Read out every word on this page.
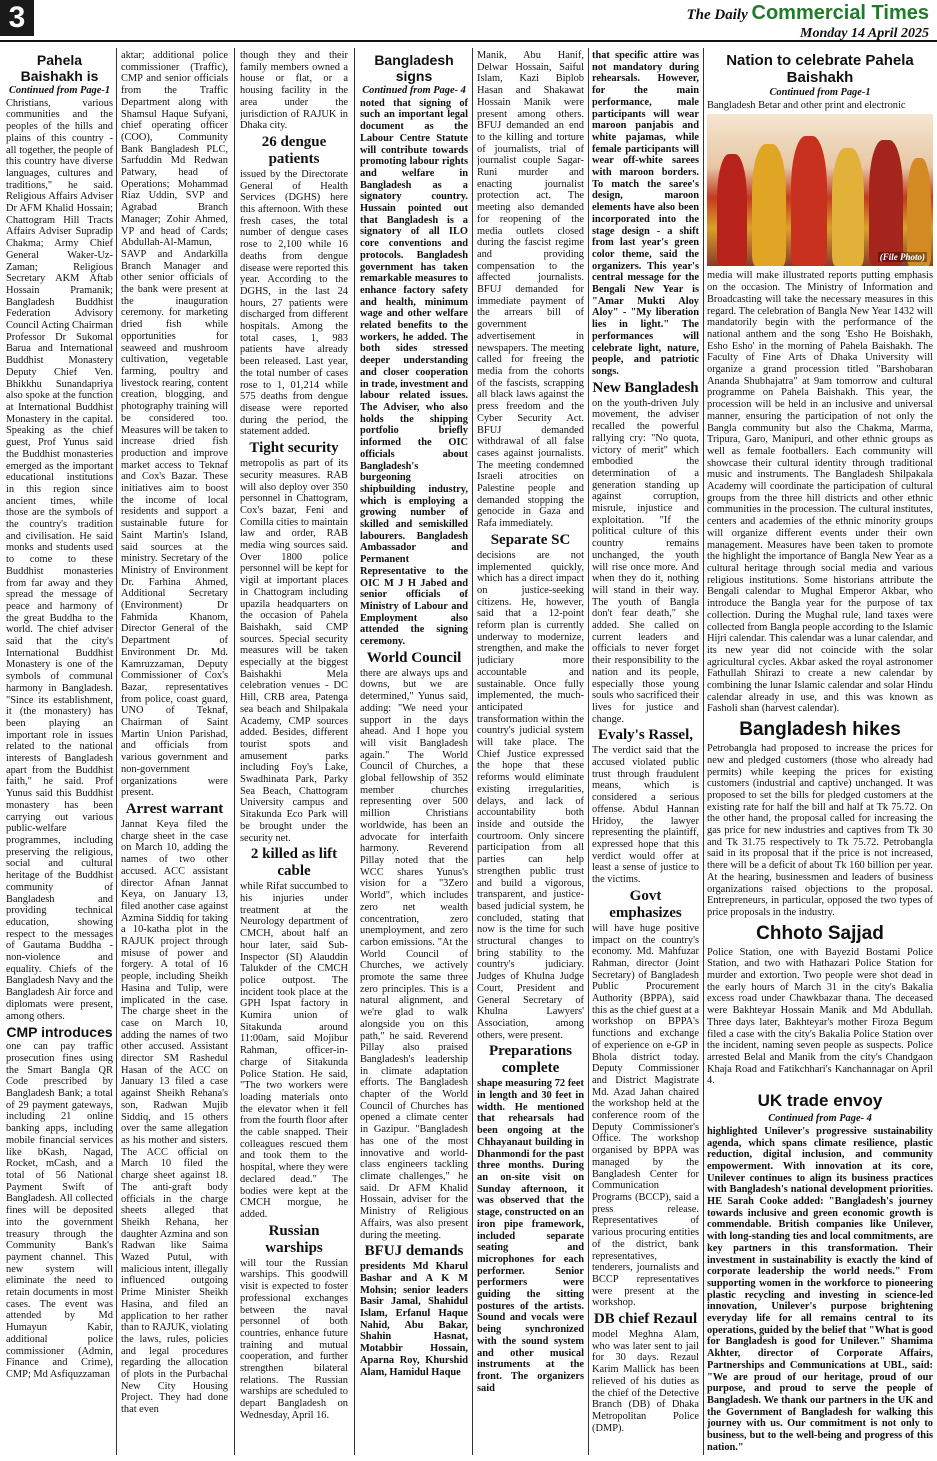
3	The Daily Commercial Times
Monday 14 April 2025
Pahela Baishakh is
Continued from Page-1

Christians, various communities and the peoples of the hills and plains of this country - all together, the people of this country have diverse languages, cultures and traditions," he said. Religious Affairs Adviser Dr AFM Khalid Hossain; Chattogram Hill Tracts Affairs Adviser Supradip Chakma; Army Chief General Waker-Uz-Zaman; Religious Secretary AKM Aftab Hossain Pramanik; Bangladesh Buddhist Federation Advisory Council Acting Chairman Professor Dr Sukomal Barua and International Buddhist Monastery Deputy Chief Ven. Bhikkhu Sunandapriya also spoke at the function at International Buddhist Monastery in the capital. Speaking as the chief guest, Prof Yunus said the Buddhist monasteries emerged as the important educational institutions in this region since ancient times, while those are the symbols of the country's tradition and civilisation. He said monks and students used to come to these Buddhist monasteries from far away and they spread the message of peace and harmony of the great Buddha to the world. The chief adviser said that the city's International Buddhist Monastery is one of the symbols of communal harmony in Bangladesh. "Since its establishment, it (the monastery) has been playing an important role in issues related to the national interests of Bangladesh apart from the Buddhist faith," he said. Prof Yunus said this Buddhist monastery has been carrying out various public-welfare programmes, including preserving the religious, social and cultural heritage of the Buddhist community of Bangladesh and providing technical education, showing respect to the messages of Gautama Buddha - non-violence and equality. Chiefs of the Bangladesh Navy and the Bangladesh Air force and diplomats were present, among others.

CMP introduces

one can pay traffic prosecution fines using the Smart Bangla QR Code prescribed by Bangladesh Bank; a total of 29 payment gateways, including 21 online banking apps, including mobile financial services like bKash, Nagad, Rocket, mCash, and a total of 56 National Payment Swift of Bangladesh. All collected fines will be deposited into the government treasury through the Community Bank's payment channel. This new system will eliminate the need to retain documents in most cases. The event was attended by Md Humayun Kabir, additional police commissioner (Admin, Finance and Crime), CMP; Md Asfiquzzaman

aktar; additional police commissioner (Traffic), CMP and senior officials from the Traffic Department along with Shamsul Haque Sufyani, chief operating officer (COO), Community Bank Bangladesh PLC, Sarfuddin Md Redwan Patwary, head of Operations; Mohammad Riaz Uddin, SVP and Agrabad Branch Manager; Zohir Ahmed, VP and head of Cards; Abdullah-Al-Mamun, SAVP and Andarkilla Branch Manager and other senior officials of the bank were present at the inauguration ceremony. for marketing dried fish while opportunities for seaweed and mushroom cultivation, vegetable farming, poultry and livestock rearing, content creation, blogging, and photography training will be considered too. Measures will be taken to increase dried fish production and improve market access to Teknaf and Cox's Bazar. These initiatives aim to boost the income of local residents and support a sustainable future for Saint Martin's Island, said sources at the ministry. Secretary of the Ministry of Environment Dr. Farhina Ahmed, Additional Secretary (Environment) Dr Fahmida Khanom, Director General of the Department of Environment Dr. Md. Kamruzzaman, Deputy Commissioner of Cox's Bazar, representatives from police, coast guard, UNO of Teknaf, Chairman of Saint Martin Union Parishad, and officials from various government and non-government organizations were present.

Arrest warrant

Jannat Keya filed the charge sheet in the case on March 10, adding the names of two other accused. ACC assistant director Afnan Jannat Keya, on January 13, filed another case against Azmina Siddiq for taking a 10-katha plot in the RAJUK project through misuse of power and forgery. A total of 16 people, including Sheikh Hasina and Tulip, were implicated in the case. The charge sheet in the case on March 10, adding the names of two other accused. Assistant director SM Rashedul Hasan of the ACC on January 13 filed a case against Sheikh Rehana's son, Radwan Mujib Siddiq, and 15 others over the same allegation as his mother and sisters. The ACC official on March 10 filed the charge sheet against 18. The anti-graft body officials in the charge sheets alleged that Sheikh Rehana, her daughter Azmina and son Radwan like Saima Wazed Putul, with malicious intent, illegally influenced outgoing Prime Minister Sheikh Hasina, and filed an application to her rather than to RAJUK, violating the laws, rules, policies and legal procedures regarding the allocation of plots in the Purbachal New City Housing Project. They had done that even

though they and their family members owned a house or flat, or a housing facility in the area under the jurisdiction of RAJUK in Dhaka city.

26 dengue patients

issued by the Directorate General of Health Services (DGHS) here this afternoon. With these fresh cases, the total number of dengue cases rose to 2,100 while 16 deaths from dengue disease were reported this year. According to the DGHS, in the last 24 hours, 27 patients were discharged from different hospitals. Among the total cases, 1, 983 patients have already been released. Last year, the total number of cases rose to 1, 01,214 while 575 deaths from dengue disease were reported during the period, the statement added.

Tight security

metropolis as part of its security measures. RAB will also deploy over 350 personnel in Chattogram, Cox's bazar, Feni and Comilla cities to maintain law and order, RAB media wing sources said. Over 1800 police personnel will be kept for vigil at important places in Chattogram including upazila headquarters on the occasion of Pahela Baishakh, said CMP sources. Special security measures will be taken especially at the biggest Baishakhi Mela celebration venues - DC Hill, CRB area, Patenga sea beach and Shilpakala Academy, CMP sources added. Besides, different tourist spots and amusement parks including Foy's Lake, Swadhinata Park, Parky Sea Beach, Chattogram University campus and Sitakunda Eco Park will be brought under the security net.

2 killed as lift cable

while Rifat succumbed to his injuries under treatment at the Neurology department of CMCH, about half an hour later, said Sub-Inspector (SI) Alauddin Talukder of the CMCH police outpost. The incident took place at the GPH Ispat factory in Kumira union of Sitakunda around 11:00am, said Mojibur Rahman, officer-in-charge of Sitakunda Police Station. He said, "The two workers were loading materials onto the elevator when it fell from the fourth floor after the cable snapped. Their colleagues rescued them and took them to the hospital, where they were declared dead." The bodies were kept at the CMCH morgue, he added.

Russian warships

will tour the Russian warships. This goodwill visit is expected to foster professional exchanges between the naval personnel of both countries, enhance future training and mutual cooperation, and further strengthen bilateral relations. The Russian warships are scheduled to depart Bangladesh on Wednesday, April 16.

Bangladesh signs
Continued from Page- 4

noted that signing of such an important legal document as the Labour Centre Statute will contribute towards promoting labour rights and welfare in Bangladesh as a signatory country. Hussain pointed out that Bangladesh is a signatory of all ILO core conventions and protocols. Bangladesh government has taken remarkable measures to enhance factory safety and health, minimum wage and other welfare related benefits to the workers, he added. The both sides stressed deeper understanding and closer cooperation in trade, investment and labour related issues. The Adviser, who also holds the shipping portfolio briefly informed the OIC officials about Bangladesh's burgeoning shipbuilding industry, which is employing a growing number of skilled and semiskilled labourers. Bangladesh Ambassador and Permanent Representative to the OIC M J H Jabed and senior officials of Ministry of Labour and Employment also attended the signing ceremony.

World Council

there are always ups and downs, but we are determined," Yunus said, adding: "We need your support in the days ahead. And I hope you will visit Bangladesh again." The World Council of Churches, a global fellowship of 352 member churches representing over 500 million Christians worldwide, has been an advocate for interfaith harmony. Reverend Pillay noted that the WCC shares Yunus's vision for a "3Zero World", which includes zero net wealth concentration, zero unemployment, and zero carbon emissions. "At the World Council of Churches, we actively promote the same three zero principles. This is a natural alignment, and we're glad to walk alongside you on this path," he said. Reverend Pillay also praised Bangladesh's leadership in climate adaptation efforts. The Bangladesh chapter of the World Council of Churches has opened a climate center in Gazipur. "Bangladesh has one of the most innovative and world-class engineers tackling climate challenges," he said. Dr AFM Khalid Hossain, adviser for the Ministry of Religious Affairs, was also present during the meeting.

BFUJ demands

presidents Md Kharul Bashar and A K M Mohsin; senior leaders Basir Jamal, Shahidul Islam, Erfanul Haque Nahid, Abu Bakar, Shahin Hasnat, Motabbir Hossain, Aparna Roy, Khurshid Alam, Hamidul Haque

Manik, Abu Hanif, Delwar Hossain, Saiful Islam, Kazi Biplob Hasan and Shakawat Hossain Manik were present among others. BFUJ demanded an end to the killing and torture of journalists, trial of journalist couple Sagar-Runi murder and enacting journalist protection act. The meeting also demanded for reopening of the media outlets closed during the fascist regime and providing compensation to the affected journalists. BFUJ demanded for immediate payment of the arrears bill of government advertisement in newspapers. The meeting called for freeing the media from the cohorts of the fascists, scrapping all black laws against the press freedom and the Cyber Security Act. BFUJ demanded withdrawal of all false cases against journalists. The meeting condemned Israeli atrocities on Palestine people and demanded stopping the genocide in Gaza and Rafa immediately.

Separate SC

decisions are not implemented quickly, which has a direct impact on justice-seeking citizens. He, however, said that a 12-point reform plan is currently underway to modernize, strengthen, and make the judiciary more accountable and sustainable. Once fully implemented, the much-anticipated transformation within the country's judicial system will take place. The Chief Justice expressed the hope that these reforms would eliminate existing irregularities, delays, and lack of accountability both inside and outside the courtroom. Only sincere participation from all parties can help strengthen public trust and build a vigorous, transparent, and justice-based judicial system, he concluded, stating that now is the time for such structural changes to bring stability to the country's judiciary. Judges of Khulna Judge Court, President and General Secretary of Khulna Lawyers' Association, among others, were present.

Preparations complete

shape measuring 72 feet in length and 30 feet in width. He mentioned that rehearsals had been ongoing at the Chhayanaut building in Dhanmondi for the past three months. During an on-site visit on Sunday afternoon, it was observed that the stage, constructed on an iron pipe framework, included separate seating and microphones for each performer. Senior performers were guiding the sitting postures of the artists. Sound and vocals were being synchronized with the sound system and other musical instruments at the front. The organizers said

that specific attire was not mandatory during rehearsals. However, for the main performance, male participants will wear maroon panjabis and white pajamas, while female participants will wear off-white sarees with maroon borders. To match the saree's design, maroon elements have also been incorporated into the stage design - a shift from last year's green color theme, said the organizers. This year's central message for the Bengali New Year is "Amar Mukti Aloy Aloy" - "My liberation lies in light." The performances will celebrate light, nature, people, and patriotic songs.

New Bangladesh

on the youth-driven July movement, the adviser recalled the powerful rallying cry: "No quota, victory of merit" which embodied the determination of a generation standing up against corruption, misrule, injustice and exploitation. "If the political culture of this country remains unchanged, the youth will rise once more. And when they do it, nothing will stand in their way. The youth of Bangla don't fear death," she added. She called on current leaders and officials to never forget their responsibility to the nation and its people, especially those young souls who sacrificed their lives for justice and change.

Evaly's Rassel,

The verdict said that the accused violated public trust through fraudulent means, which is considered a serious offense. Abdul Hannan Hridoy, the lawyer representing the plaintiff, expressed hope that this verdict would offer at least a sense of justice to the victims.

Govt emphasizes

will have huge positive impact on the country's economy. Md. Mahfuzar Rahman, director (Joint Secretary) of Bangladesh Public Procurement Authority (BPPA), said this as the chief guest at a workshop on BPPA's functions and exchange of experience on e-GP in Bhola district today. Deputy Commissioner and District Magistrate Md. Azad Jahan chaired the workshop held at the conference room of the Deputy Commissioner's Office. The workshop organised by BPPA was managed by the Bangladesh Center for Communication Programs (BCCP), said a press release. Representatives of various procuring entities of the district, bank representatives, tenderers, journalists and BCCP representatives were present at the workshop.

DB chief Rezaul

model Meghna Alam, who was later sent to jail for 30 days. Rezaul Karim Mallick has been relieved of his duties as the chief of the Detective Branch (DB) of Dhaka Metropolitan Police (DMP).

Nation to celebrate Pahela Baishakh
Continued from Page-1

Bangladesh Betar and other print and electronic

(File Photo)

media will make illustrated reports putting emphasis on the occasion. The Ministry of Information and Broadcasting will take the necessary measures in this regard. The celebration of Bangla New Year 1432 will mandatorily begin with the performance of the national anthem and the song 'Esho He Boishakh, Esho Esho' in the morning of Pahela Baishakh. The Faculty of Fine Arts of Dhaka University will organize a grand procession titled "Barshobaran Ananda Shubhajatra" at 9am tomorrow and cultural programme on Pahela Baishakh. This year, the procession will be held in an inclusive and universal manner, ensuring the participation of not only the Bangla community but also the Chakma, Marma, Tripura, Garo, Manipuri, and other ethnic groups as well as female footballers. Each community will showcase their cultural identity through traditional music and instruments. The Bangladesh Shilpakala Academy will coordinate the participation of cultural groups from the three hill districts and other ethnic communities in the procession. The cultural institutes, centers and academies of the ethnic minority groups will organize different events under their own management. Measures have been taken to promote the highlight the importance of Bangla New Year as a cultural heritage through social media and various religious institutions. Some historians attribute the Bengali calendar to Mughal Emperor Akbar, who introduce the Bangla year for the purpose of tax collection. During the Mughal rule, land taxes were collected from Bangla people according to the Islamic Hijri calendar. This calendar was a lunar calendar, and its new year did not coincide with the solar agricultural cycles. Akbar asked the royal astronomer Fathullah Shirazi to create a new calendar by combining the lunar Islamic calendar and solar Hindu calendar already in use, and this was known as Fasholi shan (harvest calendar).

Bangladesh hikes

Petrobangla had proposed to increase the prices for new and pledged customers (those who already had permits) while keeping the prices for existing customers (industrial and captive) unchanged. It was proposed to set the bills for pledged customers at the existing rate for half the bill and half at Tk 75.72. On the other hand, the proposal called for increasing the gas price for new industries and captives from Tk 30 and Tk 31.75 respectively to Tk 75.72. Petrobangla said in its proposal that if the price is not increased, there will be a deficit of about Tk 160 billion per year. At the hearing, businessmen and leaders of business organizations raised objections to the proposal. Entrepreneurs, in particular, opposed the two types of price proposals in the industry.

Chhoto Sajjad

Police Station, one with Bayezid Bostami Police Station, and two with Hathazari Police Station for murder and extortion. Two people were shot dead in the early hours of March 31 in the city's Bakalia excess road under Chawkbazar thana. The deceased were Bakhteyar Hossain Manik and Md Abdullah. Three days later, Bakhteyar's mother Firoza Begum filed a case with the city's Bakalia Police Station over the incident, naming seven people as suspects. Police arrested Belal and Manik from the city's Chandgaon Khaja Road and Fatikchhari's Kanchannagar on April 4.

UK trade envoy
Continued from Page- 4

highlighted Unilever's progressive sustainability agenda, which spans climate resilience, plastic reduction, digital inclusion, and community empowerment. With innovation at its core, Unilever continues to align its business practices with Bangladesh's national development priorities. HE Sarah Cooke added: "Bangladesh's journey towards inclusive and green economic growth is commendable. British companies like Unilever, with long-standing ties and local commitments, are key partners in this transformation. Their investment in sustainability is exactly the kind of corporate leadership the world needs." From supporting women in the workforce to pioneering plastic recycling and investing in science-led innovation, Unilever's purpose brightening everyday life for all remains central to its operations, guided by the belief that "What is good for Bangladesh is good for Unilever." Shamima Akhter, director of Corporate Affairs, Partnerships and Communications at UBL, said: "We are proud of our heritage, proud of our purpose, and proud to serve the people of Bangladesh. We thank our partners in the UK and the Government of Bangladesh for walking this journey with us. Our commitment is not only to business, but to the well-being and progress of this nation."
